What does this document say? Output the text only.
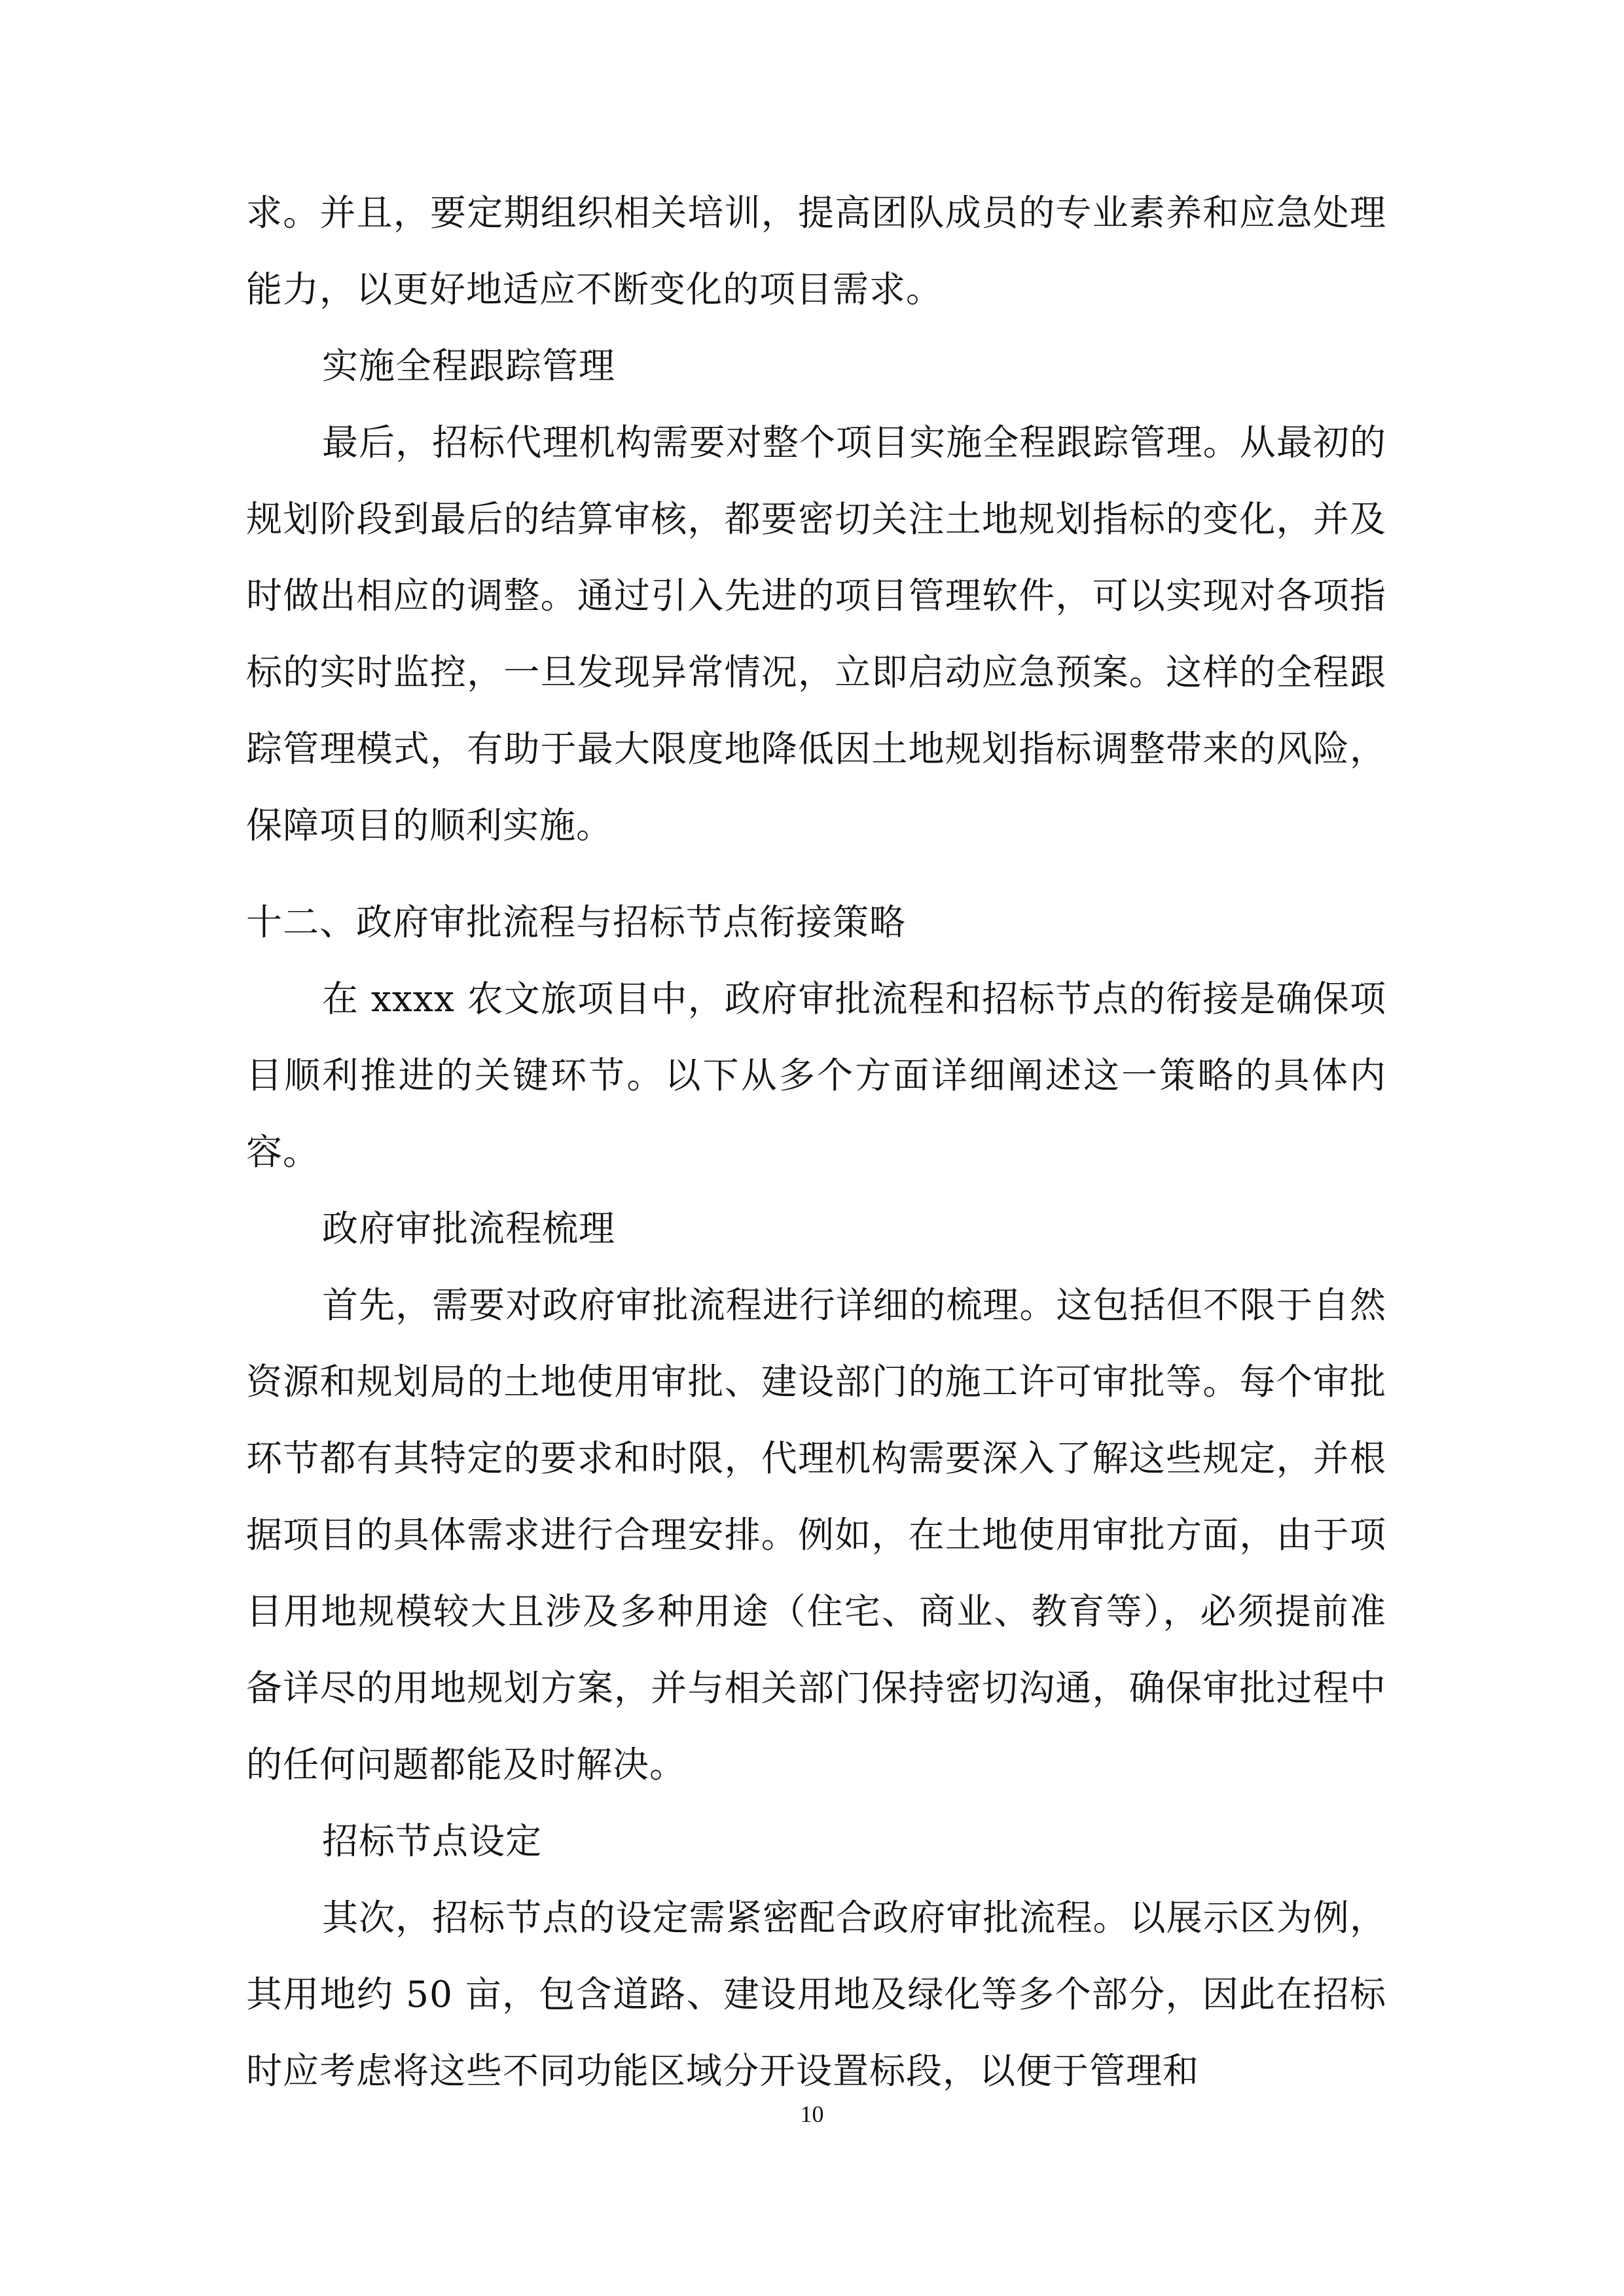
求。并且，要定期组织相关培训，提高团队成员的专业素养和应急处理能力，以更好地适应不断变化的项目需求。

实施全程跟踪管理

最后，招标代理机构需要对整个项目实施全程跟踪管理。从最初的规划阶段到最后的结算审核，都要密切关注土地规划指标的变化，并及时做出相应的调整。通过引入先进的项目管理软件，可以实现对各项指标的实时监控，一旦发现异常情况，立即启动应急预案。这样的全程跟踪管理模式，有助于最大限度地降低因土地规划指标调整带来的风险，保障项目的顺利实施。

十二、政府审批流程与招标节点衔接策略

在 xxxx 农文旅项目中，政府审批流程和招标节点的衔接是确保项目顺利推进的关键环节。以下从多个方面详细阐述这一策略的具体内容。

政府审批流程梳理

首先，需要对政府审批流程进行详细的梳理。这包括但不限于自然资源和规划局的土地使用审批、建设部门的施工许可审批等。每个审批环节都有其特定的要求和时限，代理机构需要深入了解这些规定，并根据项目的具体需求进行合理安排。例如，在土地使用审批方面，由于项目用地规模较大且涉及多种用途（住宅、商业、教育等），必须提前准备详尽的用地规划方案，并与相关部门保持密切沟通，确保审批过程中的任何问题都能及时解决。

招标节点设定

其次，招标节点的设定需紧密配合政府审批流程。以展示区为例，其用地约 50 亩，包含道路、建设用地及绿化等多个部分，因此在招标时应考虑将这些不同功能区域分开设置标段，以便于管理和

10
